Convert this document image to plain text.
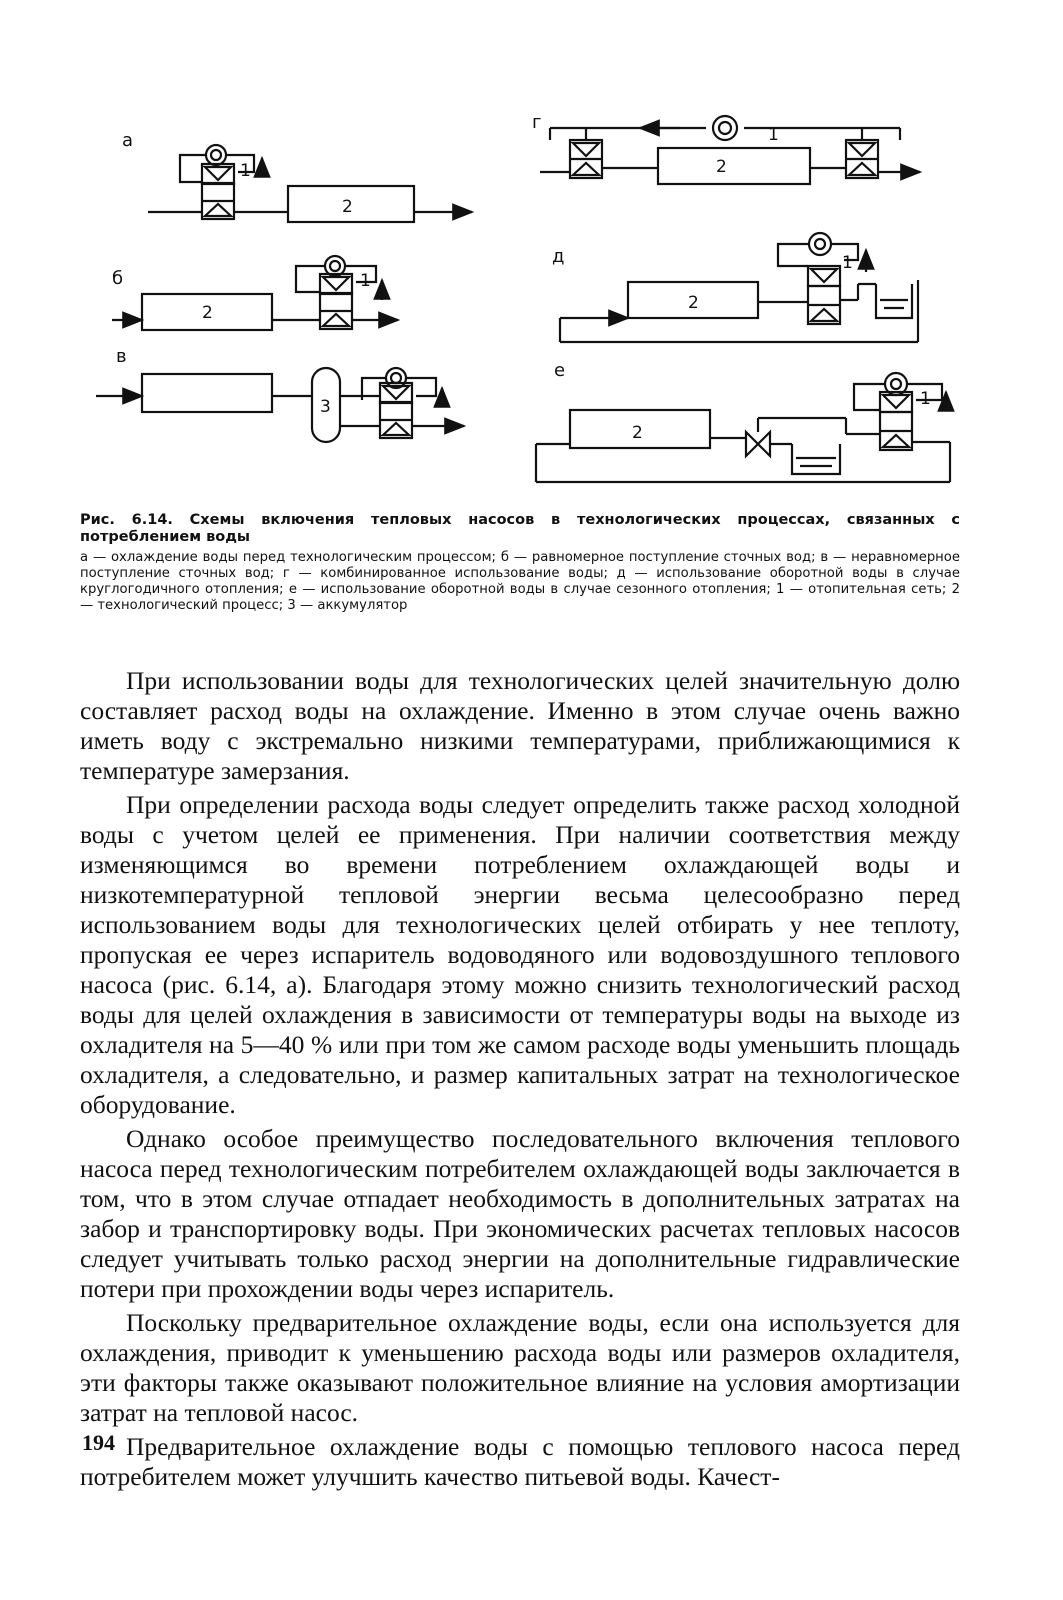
а
б
в
г
д
е
2
1
2
1
3
2
1
2
1
2
1

Рис. 6.14. Схемы включения тепловых насосов в технологических процессах, связанных с потреблением воды

а — охлаждение воды перед технологическим процессом; б — равномерное поступление сточных вод; в — неравномерное поступление сточных вод; г — комбинированное использование воды; д — использование оборотной воды в случае круглогодичного отопления; е — использование оборотной воды в случае сезонного отопления; 1 — отопительная сеть; 2 — технологический процесс; 3 — аккумулятор

При использовании воды для технологических целей значительную долю составляет расход воды на охлаждение. Именно в этом случае очень важно иметь воду с экстремально низкими температурами, приближающимися к температуре замерзания.

При определении расхода воды следует определить также расход холодной воды с учетом целей ее применения. При наличии соответствия между изменяющимся во времени потреблением охлаждающей воды и низкотемпературной тепловой энергии весьма целесообразно перед использованием воды для технологических целей отбирать у нее теплоту, пропуская ее через испаритель водоводяного или водовоздушного теплового насоса (рис. 6.14, а). Благодаря этому можно снизить технологический расход воды для целей охлаждения в зависимости от температуры воды на выходе из охладителя на 5—40 % или при том же самом расходе воды уменьшить площадь охладителя, а следовательно, и размер капитальных затрат на технологическое оборудование.

Однако особое преимущество последовательного включения теплового насоса перед технологическим потребителем охлаждающей воды заключается в том, что в этом случае отпадает необходимость в дополнительных затратах на забор и транспортировку воды. При экономических расчетах тепловых насосов следует учитывать только расход энергии на дополнительные гидравлические потери при прохождении воды через испаритель.

Поскольку предварительное охлаждение воды, если она используется для охлаждения, приводит к уменьшению расхода воды или размеров охладителя, эти факторы также оказывают положительное влияние на условия амортизации затрат на тепловой насос.

Предварительное охлаждение воды с помощью теплового насоса перед потребителем может улучшить качество питьевой воды. Качест-

194
